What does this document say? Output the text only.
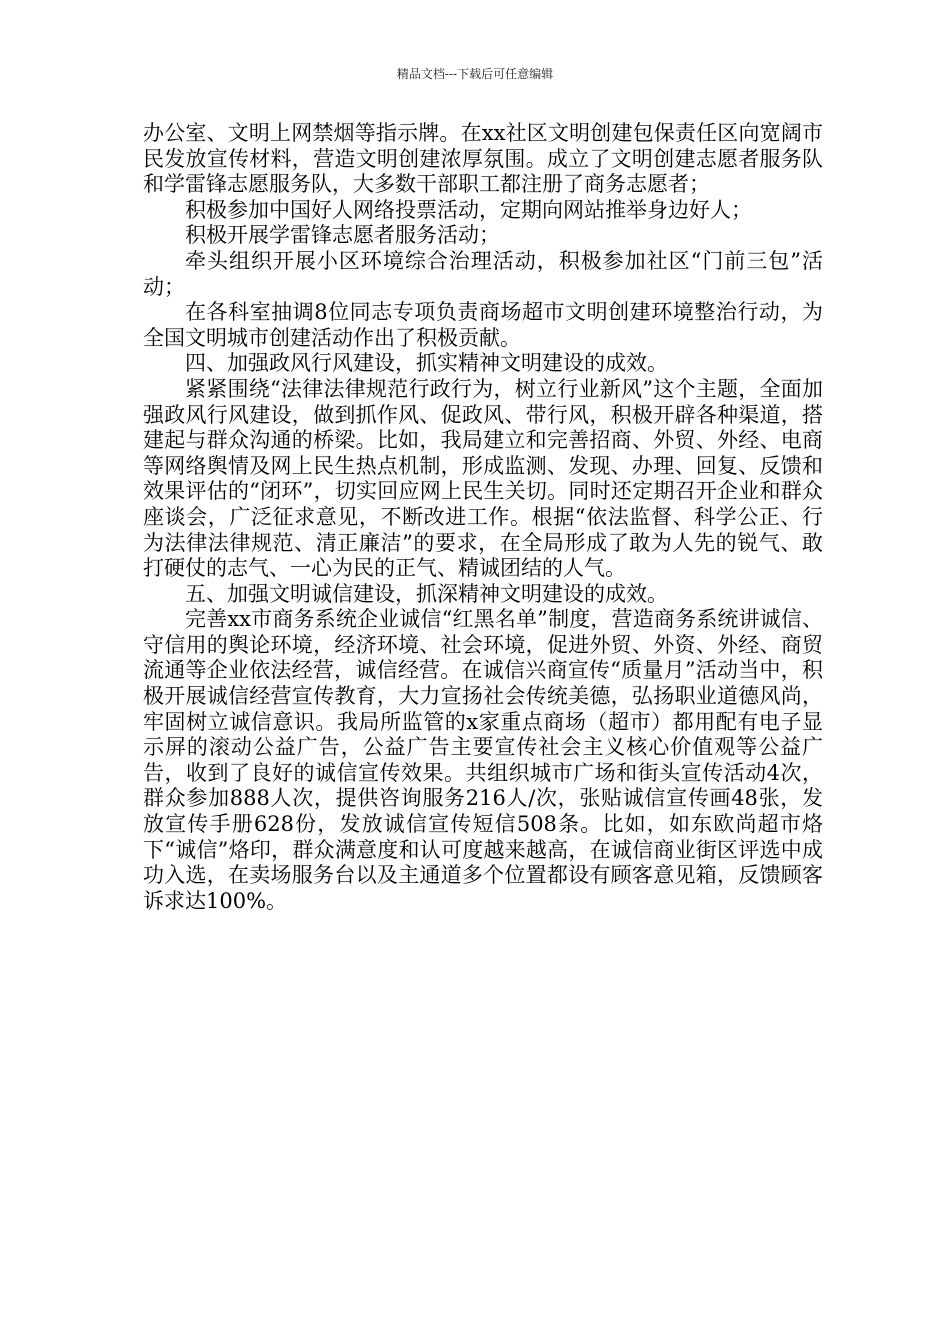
精品文档---下载后可任意编辑

办公室、文明上网禁烟等指示牌。在xx社区文明创建包保责任区向宽阔市民发放宣传材料，营造文明创建浓厚氛围。成立了文明创建志愿者服务队和学雷锋志愿服务队，大多数干部职工都注册了商务志愿者；

积极参加中国好人网络投票活动，定期向网站推举身边好人；

积极开展学雷锋志愿者服务活动；

牵头组织开展小区环境综合治理活动，积极参加社区“门前三包”活动；

在各科室抽调8位同志专项负责商场超市文明创建环境整治行动，为全国文明城市创建活动作出了积极贡献。

四、加强政风行风建设，抓实精神文明建设的成效。

紧紧围绕“法律法律规范行政行为，树立行业新风”这个主题，全面加强政风行风建设，做到抓作风、促政风、带行风，积极开辟各种渠道，搭建起与群众沟通的桥梁。比如，我局建立和完善招商、外贸、外经、电商等网络舆情及网上民生热点机制，形成监测、发现、办理、回复、反馈和效果评估的“闭环”，切实回应网上民生关切。同时还定期召开企业和群众座谈会，广泛征求意见，不断改进工作。根据“依法监督、科学公正、行为法律法律规范、清正廉洁”的要求，在全局形成了敢为人先的锐气、敢打硬仗的志气、一心为民的正气、精诚团结的人气。

五、加强文明诚信建设，抓深精神文明建设的成效。

完善xx市商务系统企业诚信“红黑名单”制度，营造商务系统讲诚信、守信用的舆论环境，经济环境、社会环境，促进外贸、外资、外经、商贸流通等企业依法经营，诚信经营。在诚信兴商宣传“质量月”活动当中，积极开展诚信经营宣传教育，大力宣扬社会传统美德，弘扬职业道德风尚，牢固树立诚信意识。我局所监管的x家重点商场（超市）都用配有电子显示屏的滚动公益广告，公益广告主要宣传社会主义核心价值观等公益广告，收到了良好的诚信宣传效果。共组织城市广场和街头宣传活动4次，群众参加888人次，提供咨询服务216人/次，张贴诚信宣传画48张，发放宣传手册628份，发放诚信宣传短信508条。比如，如东欧尚超市烙下“诚信”烙印，群众满意度和认可度越来越高，在诚信商业街区评选中成功入选，在卖场服务台以及主通道多个位置都设有顾客意见箱，反馈顾客诉求达100%。
